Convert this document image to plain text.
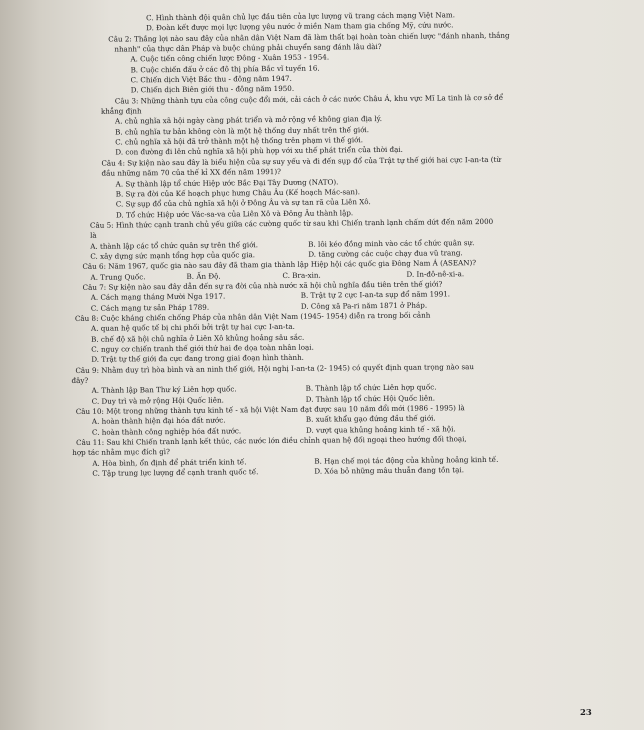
C. Hình thành đội quân chủ lực đầu tiên của lực lượng vũ trang cách mạng Việt Nam.
D. Đoàn kết được mọi lực lượng yêu nước ở miền Nam tham gia chống Mỹ, cứu nước.
Câu 2: Thắng lợi nào sau đây của nhân dân Việt Nam đã làm thất bại hoàn toàn chiến lược "đánh nhanh, thắng
nhanh" của thực dân Pháp và buộc chúng phải chuyển sang đánh lâu dài?
A. Cuộc tiến công chiến lược Đông - Xuân 1953 - 1954.
B. Cuộc chiến đấu ở các đô thị phía Bắc vĩ tuyến 16.
C. Chiến dịch Việt Bắc thu - đông năm 1947.
D. Chiến dịch Biên giới thu - đông năm 1950.
Câu 3: Những thành tựu của công cuộc đổi mới, cải cách ở các nước Châu Á, khu vực Mĩ La tinh là cơ sở để
khẳng định
A. chủ nghĩa xã hội ngày càng phát triển và mở rộng về không gian địa lý.
B. chủ nghĩa tư bản không còn là một hệ thống duy nhất trên thế giới.
C. chủ nghĩa xã hội đã trở thành một hệ thống trên phạm vi thế giới.
D. con đường đi lên chủ nghĩa xã hội phù hợp với xu thế phát triển của thời đại.
Câu 4: Sự kiện nào sau đây là biểu hiện của sự suy yếu và đi đến sụp đổ của Trật tự thế giới hai cực I-an-ta (từ
đầu những năm 70 của thế kỉ XX đến năm 1991)?
A. Sự thành lập tổ chức Hiệp ước Bắc Đại Tây Dương (NATO).
B. Sự ra đời của Kế hoạch phục hưng Châu Âu (Kế hoạch Mác-san).
C. Sự sụp đổ của chủ nghĩa xã hội ở Đông Âu và sự tan rã của Liên Xô.
D. Tổ chức Hiệp ước Vác-sa-va của Liên Xô và Đông Âu thành lập.
Câu 5: Hình thức cạnh tranh chủ yếu giữa các cường quốc từ sau khi Chiến tranh lạnh chấm dứt đến năm 2000
là
A. thành lập các tổ chức quân sự trên thế giới.	B. lôi kéo đồng minh vào các tổ chức quân sự.
C. xây dựng sức mạnh tổng hợp của quốc gia.	D. tăng cường các cuộc chạy đua vũ trang.
Câu 6: Năm 1967, quốc gia nào sau đây đã tham gia thành lập Hiệp hội các quốc gia Đông Nam Á (ASEAN)?
A. Trung Quốc.	B. Ấn Độ.	C. Bra-xin.	D. In-đô-nê-xi-a.
Câu 7: Sự kiện nào sau đây dẫn đến sự ra đời của nhà nước xã hội chủ nghĩa đầu tiên trên thế giới?
A. Cách mạng tháng Mười Nga 1917.	B. Trật tự 2 cực I-an-ta sụp đổ năm 1991.
C. Cách mạng tư sản Pháp 1789.	D. Công xã Pa-ri năm 1871 ở Pháp.
Câu 8: Cuộc kháng chiến chống Pháp của nhân dân Việt Nam (1945- 1954) diễn ra trong bối cảnh
A. quan hệ quốc tế bị chi phối bởi trật tự hai cực I-an-ta.
B. chế độ xã hội chủ nghĩa ở Liên Xô khủng hoảng sâu sắc.
C. nguy cơ chiến tranh thế giới thứ hai đe dọa toàn nhân loại.
D. Trật tự thế giới đa cực đang trong giai đoạn hình thành.
Câu 9: Nhằm duy trì hòa bình và an ninh thế giới, Hội nghị I-an-ta (2- 1945) có quyết định quan trọng nào sau
đây?
A. Thành lập Ban Thư ký Liên hợp quốc.	B. Thành lập tổ chức Liên hợp quốc.
C. Duy trì và mở rộng Hội Quốc liên.	D. Thành lập tổ chức Hội Quốc liên.
Câu 10: Một trong những thành tựu kinh tế - xã hội Việt Nam đạt được sau 10 năm đổi mới (1986 - 1995) là
A. hoàn thành hiện đại hóa đất nước.	B. xuất khẩu gạo đứng đầu thế giới.
C. hoàn thành công nghiệp hóa đất nước.	D. vượt qua khủng hoảng kinh tế - xã hội.
Câu 11: Sau khi Chiến tranh lạnh kết thúc, các nước lớn điều chỉnh quan hệ đối ngoại theo hướng đối thoại,
hợp tác nhằm mục đích gì?
A. Hòa bình, ổn định để phát triển kinh tế.	B. Hạn chế mọi tác động của khủng hoảng kinh tế.
C. Tập trung lực lượng để cạnh tranh quốc tế.	D. Xóa bỏ những mâu thuẫn đang tồn tại.
23
